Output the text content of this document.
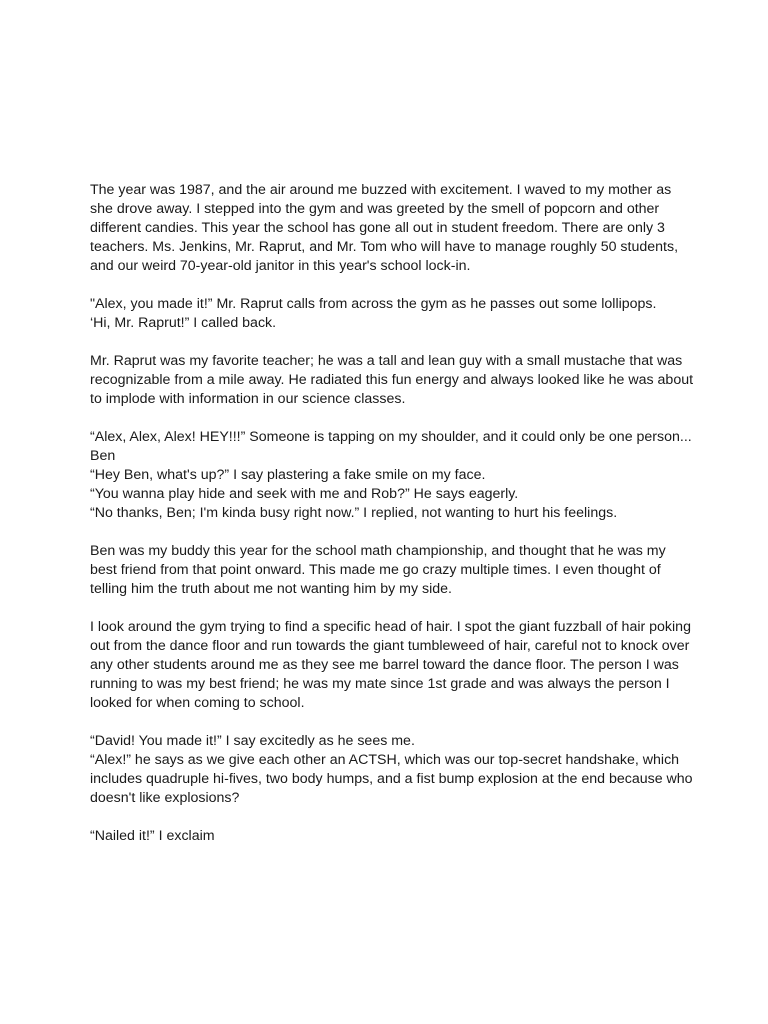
The year was 1987, and the air around me buzzed with excitement. I waved to my mother as
she drove away. I stepped into the gym and was greeted by the smell of popcorn and other
different candies. This year the school has gone all out in student freedom. There are only 3
teachers. Ms. Jenkins, Mr. Raprut, and Mr. Tom who will have to manage roughly 50 students,
and our weird 70-year-old janitor in this year's school lock-in.
"Alex, you made it!” Mr. Raprut calls from across the gym as he passes out some lollipops.
‘Hi, Mr. Raprut!” I called back.
Mr. Raprut was my favorite teacher; he was a tall and lean guy with a small mustache that was
recognizable from a mile away. He radiated this fun energy and always looked like he was about
to implode with information in our science classes.
“Alex, Alex, Alex! HEY!!!” Someone is tapping on my shoulder, and it could only be one person...
Ben
“Hey Ben, what's up?” I say plastering a fake smile on my face.
“You wanna play hide and seek with me and Rob?” He says eagerly.
“No thanks, Ben; I'm kinda busy right now.” I replied, not wanting to hurt his feelings.
Ben was my buddy this year for the school math championship, and thought that he was my
best friend from that point onward. This made me go crazy multiple times. I even thought of
telling him the truth about me not wanting him by my side.
I look around the gym trying to find a specific head of hair. I spot the giant fuzzball of hair poking
out from the dance floor and run towards the giant tumbleweed of hair, careful not to knock over
any other students around me as they see me barrel toward the dance floor. The person I was
running to was my best friend; he was my mate since 1st grade and was always the person I
looked for when coming to school.
“David! You made it!” I say excitedly as he sees me.
“Alex!” he says as we give each other an ACTSH, which was our top-secret handshake, which
includes quadruple hi-fives, two body humps, and a fist bump explosion at the end because who
doesn't like explosions?
“Nailed it!” I exclaim
